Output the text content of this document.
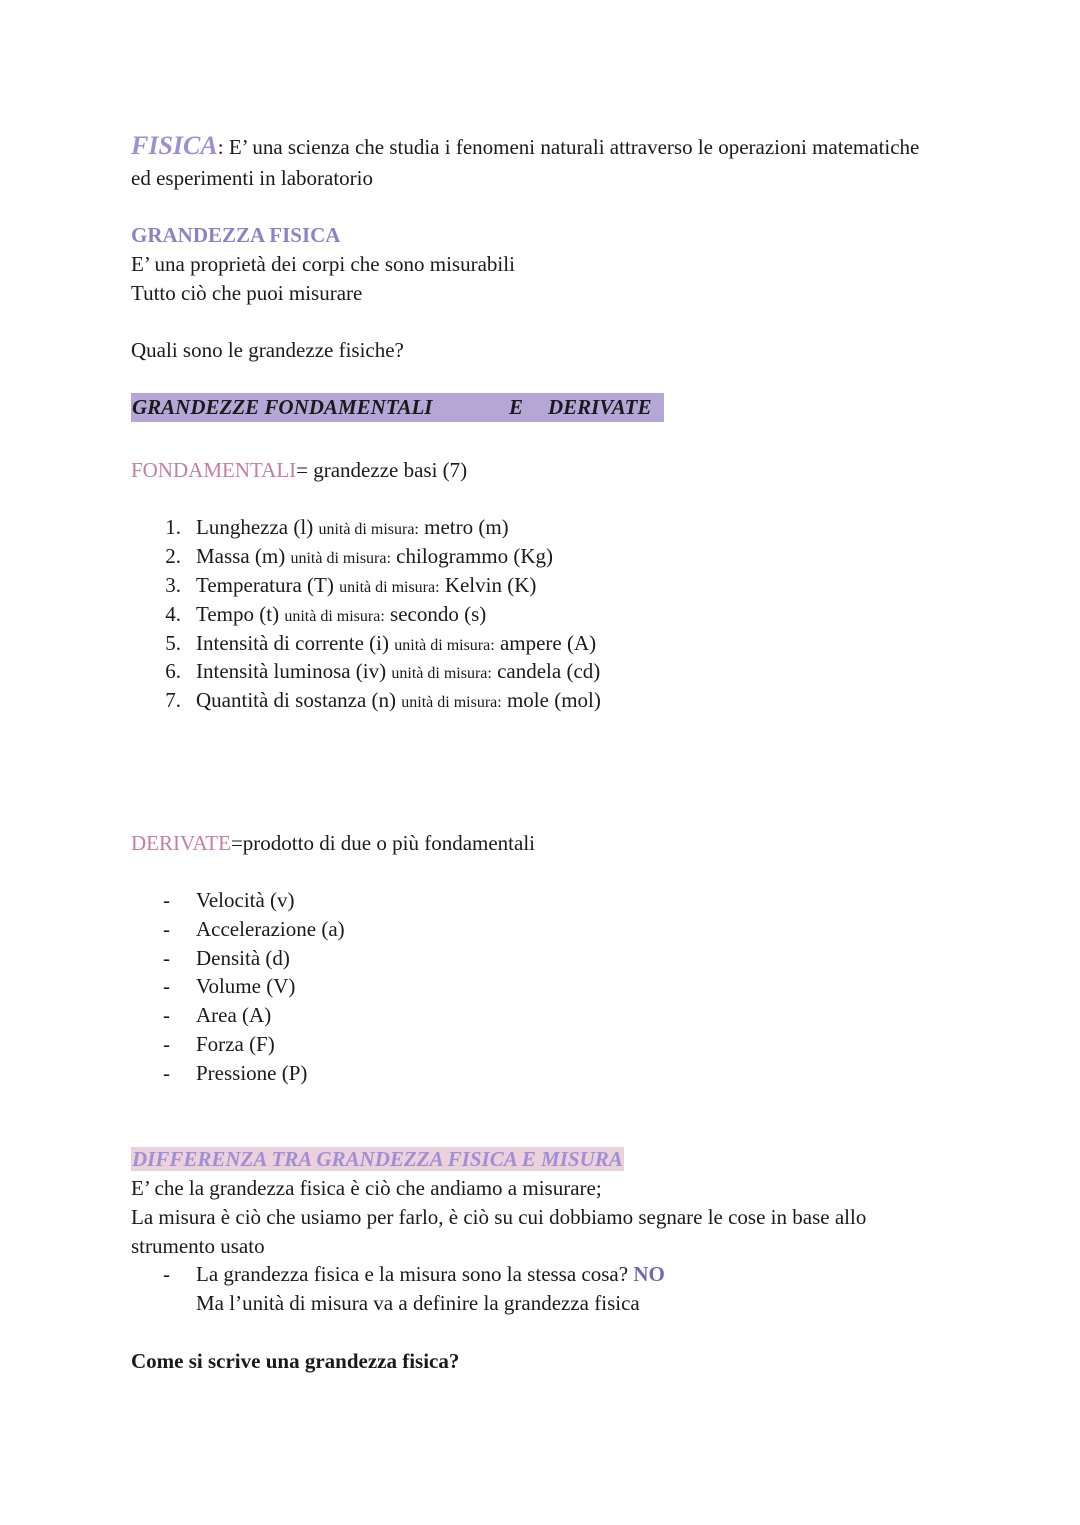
FISICA: E’ una scienza che studia i fenomeni naturali attraverso le operazioni matematiche
ed esperimenti in laboratorio
GRANDEZZA FISICA
E’ una proprietà dei corpi che sono misurabili
Tutto ciò che puoi misurare
Quali sono le grandezze fisiche?
GRANDEZZE FONDAMENTALI	E DERIVATE
FONDAMENTALI= grandezze basi (7)
1. Lunghezza (l) unità di misura: metro (m)
2. Massa (m) unità di misura: chilogrammo (Kg)
3. Temperatura (T) unità di misura: Kelvin (K)
4. Tempo (t) unità di misura: secondo (s)
5. Intensità di corrente (i) unità di misura: ampere (A)
6. Intensità luminosa (iv) unità di misura: candela (cd)
7. Quantità di sostanza (n) unità di misura: mole (mol)
DERIVATE=prodotto di due o più fondamentali
- Velocità (v)
- Accelerazione (a)
- Densità (d)
- Volume (V)
- Area (A)
- Forza (F)
- Pressione (P)
DIFFERENZA TRA GRANDEZZA FISICA E MISURA
E’ che la grandezza fisica è ciò che andiamo a misurare;
La misura è ciò che usiamo per farlo, è ciò su cui dobbiamo segnare le cose in base allo
strumento usato
- La grandezza fisica e la misura sono la stessa cosa? NO
Ma l’unità di misura va a definire la grandezza fisica
Come si scrive una grandezza fisica?
